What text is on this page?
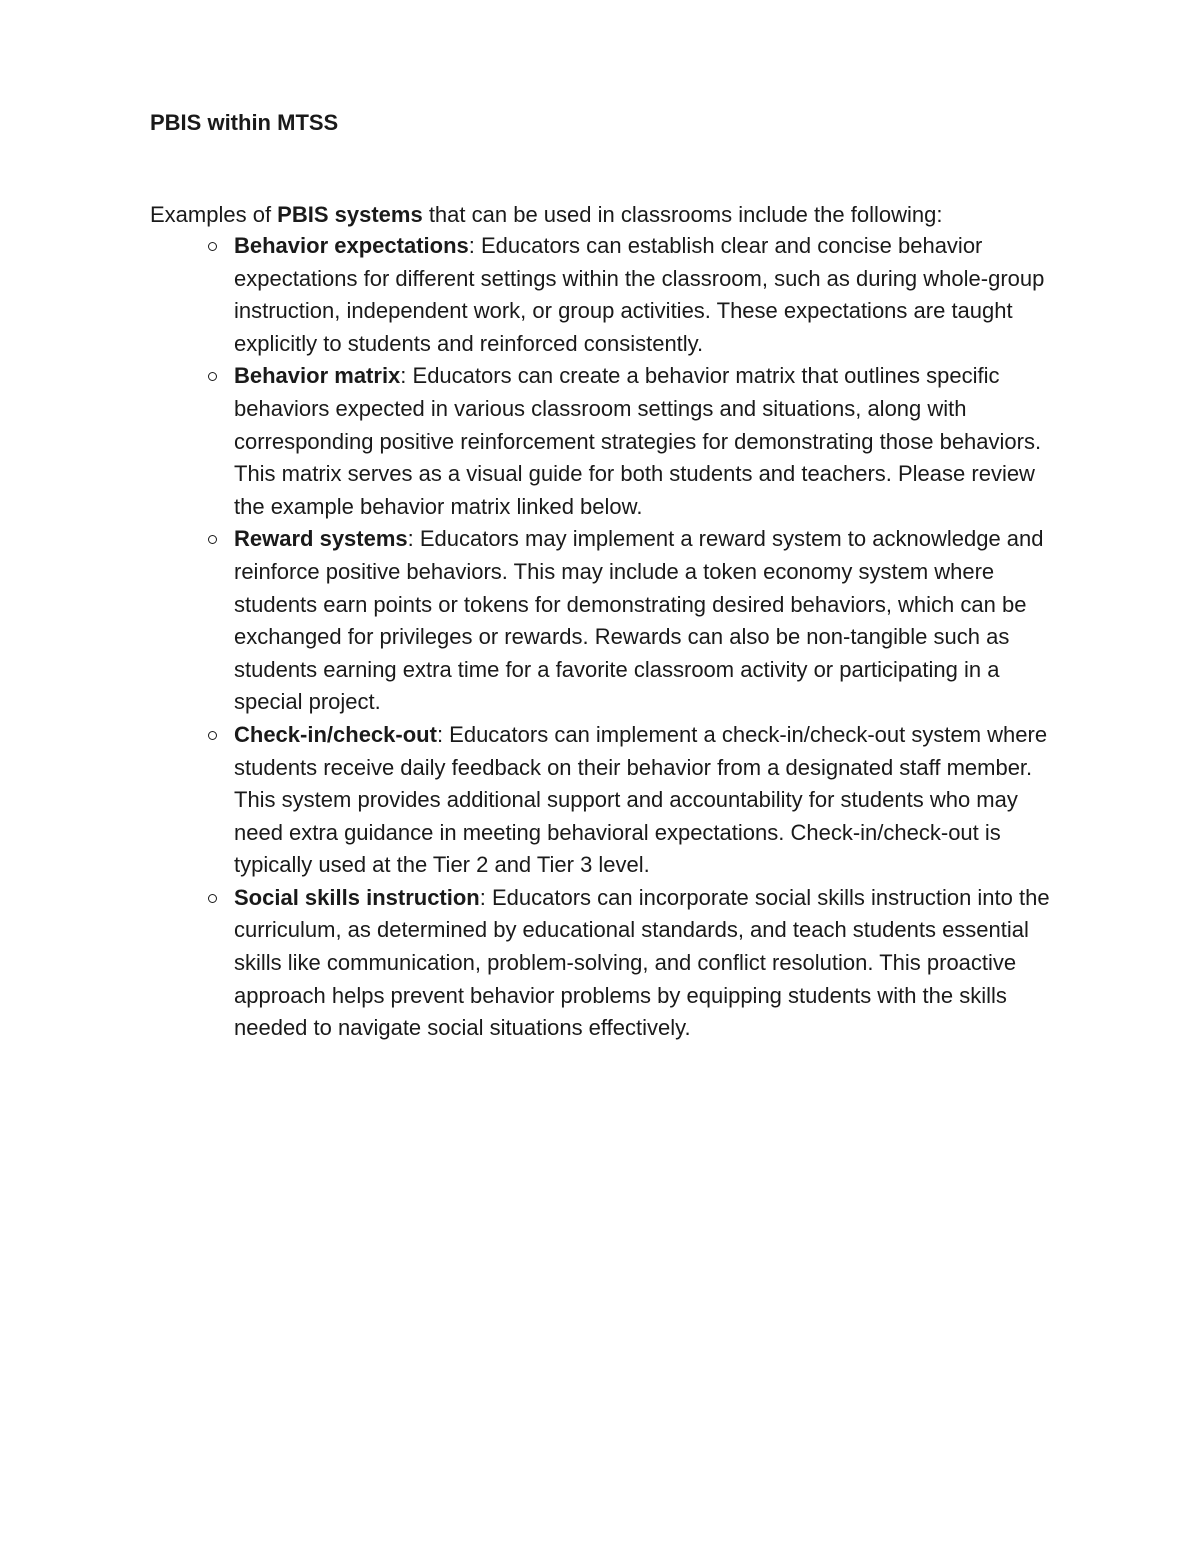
PBIS within MTSS

Examples of PBIS systems that can be used in classrooms include the following:

Behavior expectations: Educators can establish clear and concise behavior expectations for different settings within the classroom, such as during whole-group instruction, independent work, or group activities. These expectations are taught explicitly to students and reinforced consistently.
Behavior matrix: Educators can create a behavior matrix that outlines specific behaviors expected in various classroom settings and situations, along with corresponding positive reinforcement strategies for demonstrating those behaviors. This matrix serves as a visual guide for both students and teachers. Please review the example behavior matrix linked below.
Reward systems: Educators may implement a reward system to acknowledge and reinforce positive behaviors. This may include a token economy system where students earn points or tokens for demonstrating desired behaviors, which can be exchanged for privileges or rewards. Rewards can also be non-tangible such as students earning extra time for a favorite classroom activity or participating in a special project.
Check-in/check-out: Educators can implement a check-in/check-out system where students receive daily feedback on their behavior from a designated staff member. This system provides additional support and accountability for students who may need extra guidance in meeting behavioral expectations. Check-in/check-out is typically used at the Tier 2 and Tier 3 level.
Social skills instruction: Educators can incorporate social skills instruction into the curriculum, as determined by educational standards, and teach students essential skills like communication, problem-solving, and conflict resolution. This proactive approach helps prevent behavior problems by equipping students with the skills needed to navigate social situations effectively.
